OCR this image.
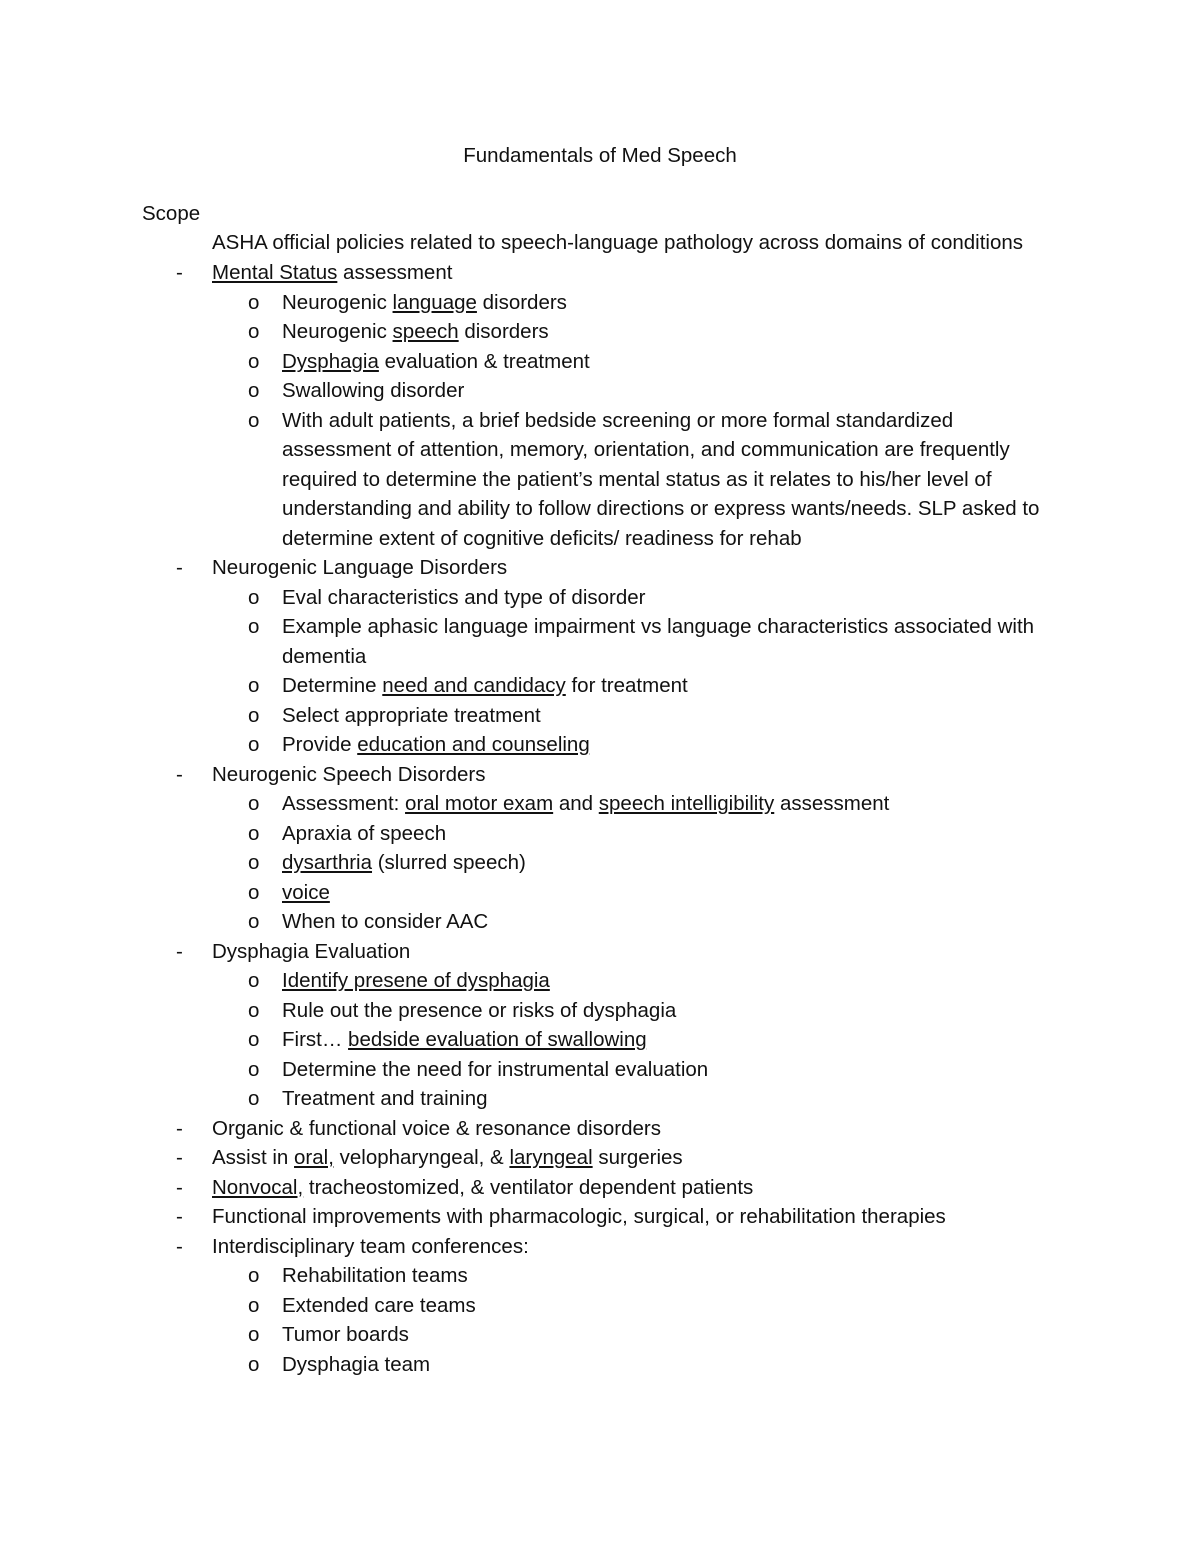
Fundamentals of Med Speech
Scope
ASHA official policies related to speech-language pathology across domains of conditions
- Mental Status assessment
o Neurogenic language disorders
o Neurogenic speech disorders
o Dysphagia evaluation & treatment
o Swallowing disorder
o With adult patients, a brief bedside screening or more formal standardized assessment of attention, memory, orientation, and communication are frequently required to determine the patient’s mental status as it relates to his/her level of understanding and ability to follow directions or express wants/needs. SLP asked to determine extent of cognitive deficits/ readiness for rehab
- Neurogenic Language Disorders
o Eval characteristics and type of disorder
o Example aphasic language impairment vs language characteristics associated with dementia
o Determine need and candidacy for treatment
o Select appropriate treatment
o Provide education and counseling
- Neurogenic Speech Disorders
o Assessment: oral motor exam and speech intelligibility assessment
o Apraxia of speech
o dysarthria (slurred speech)
o voice
o When to consider AAC
- Dysphagia Evaluation
o Identify presene of dysphagia
o Rule out the presence or risks of dysphagia
o First… bedside evaluation of swallowing
o Determine the need for instrumental evaluation
o Treatment and training
- Organic & functional voice & resonance disorders
- Assist in oral, velopharyngeal, & laryngeal surgeries
- Nonvocal, tracheostomized, & ventilator dependent patients
- Functional improvements with pharmacologic, surgical, or rehabilitation therapies
- Interdisciplinary team conferences:
o Rehabilitation teams
o Extended care teams
o Tumor boards
o Dysphagia team
